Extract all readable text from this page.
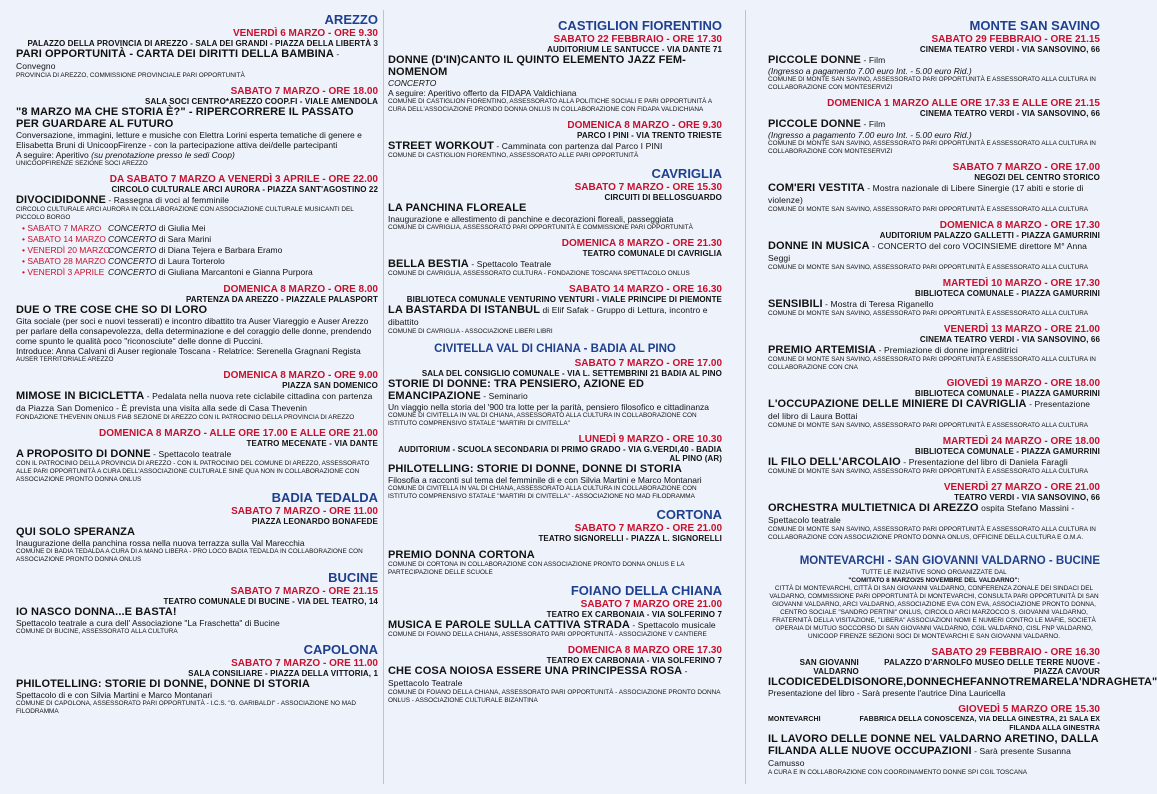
AREZZO
VENERDÌ 6 MARZO - ORE 9.30
PALAZZO DELLA PROVINCIA DI AREZZO - SALA DEI GRANDI - PIAZZA DELLA LIBERTÀ 3
PARI OPPORTUNITÀ - CARTA DEI DIRITTI DELLA BAMBINA - Convegno
PROVINCIA DI AREZZO, COMMISSIONE PROVINCIALE PARI OPPORTUNITÀ
SABATO 7 MARZO - ORE 18.00
SALA SOCI CENTRO*AREZZO COOP.FI - VIALE AMENDOLA
"8 MARZO MA CHE STORIA È?" - RIPERCORRERE IL PASSATO PER GUARDARE AL FUTURO
Conversazione, immagini, letture e musiche con Elettra Lorini esperta tematiche di genere e Elisabetta Bruni di UnicoopFirenze - con la partecipazione attiva dei/delle partecipanti
A seguire: Aperitivo (su prenotazione presso le sedi Coop)
UNICOOPFIRENZE SEZIONE SOCI AREZZO
DA SABATO 7 MARZO A VENERDÌ 3 APRILE - ORE 22.00
CIRCOLO CULTURALE ARCI AURORA - PIAZZA SANT'AGOSTINO 22
DIVOCIDIDONNE - Rassegna di voci al femminile
CIRCOLO CULTURALE ARCI AURORA IN COLLABORAZIONE CON ASSOCIAZIONE CULTURALE MUSICANTI DEL PICCOLO BORGO
• SABATO 7 MARZO CONCERTO di Giulia Mei
• SABATO 14 MARZO CONCERTO di Sara Marini
• VENERDÌ 20 MARZO
CONCERTO di Diana Tejera e Barbara Eramo
• SABATO 28 MARZO CONCERTO di Laura Torterolo
• VENERDÌ 3 APRILE CONCERTO di Giuliana Marcantoni e Gianna Purpora
DOMENICA 8 MARZO - ORE 8.00
PARTENZA DA AREZZO - PIAZZALE PALASPORT
DUE O TRE COSE CHE SO DI LORO
Gita sociale (per soci e nuovi tesserati) e incontro dibattito tra Auser Viareggio e Auser Arezzo per parlare della consapevolezza, della determinazione e del coraggio delle donne, prendendo come spunto le qualità poco "riconosciute" delle donne di Puccini.
Introduce: Anna Calvani di Auser regionale Toscana - Relatrice: Serenella Gragnani Regista
AUSER TERRITORIALE AREZZO
DOMENICA 8 MARZO - ORE 9.00
PIAZZA SAN DOMENICO
MIMOSE IN BICICLETTA - Pedalata nella nuova rete ciclabile cittadina con partenza da Piazza San Domenico - È prevista una visita alla sede di Casa Thevenin
FONDAZIONE THEVENIN ONLUS FIAB SEZIONE DI AREZZO CON IL PATROCINIO DELLA PROVINCIA DI AREZZO
DOMENICA 8 MARZO - ALLE ORE 17.00 E ALLE ORE 21.00
TEATRO MECENATE - VIA DANTE
A PROPOSITO DI DONNE - Spettacolo teatrale
CON IL PATROCINIO DELLA PROVINCIA DI AREZZO - CON IL PATROCINIO DEL COMUNE DI AREZZO, ASSESSORATO ALLE PARI OPPORTUNITÀ A CURA DELL'ASSOCIAZIONE CULTURALE SINE QUA NON IN COLLABORAZIONE CON ASSOCIAZIONE PRONTO DONNA ONLUS
BADIA TEDALDA
SABATO 7 MARZO - ORE 11.00
PIAZZA LEONARDO BONAFEDE
QUI SOLO SPERANZA
Inaugurazione della panchina rossa nella nuova terrazza sulla Val Marecchia
COMUNE DI BADIA TEDALDA A CURA DI A MANO LIBERA - PRO LOCO BADIA TEDALDA IN COLLABORAZIONE CON ASSOCIAZIONE PRONTO DONNA ONLUS
BUCINE
SABATO 7 MARZO - ORE 21.15
TEATRO COMUNALE DI BUCINE - VIA DEL TEATRO, 14
IO NASCO DONNA...E BASTA!
Spettacolo teatrale a cura dell' Associazione "La Fraschetta" di Bucine
COMUNE DI BUCINE, ASSESSORATO ALLA CULTURA
CAPOLONA
SABATO 7 MARZO - ORE 11.00
SALA CONSILIARE - PIAZZA DELLA VITTORIA, 1
PHILOTELLING: STORIE DI DONNE, DONNE DI STORIA
Spettacolo di e con Silvia Martini e Marco Montanari
COMUNE DI CAPOLONA, ASSESSORATO PARI OPPORTUNITÀ - I.C.S. "G. GARIBALDI" - ASSOCIAZIONE NO MAD FILODRAMMA
CASTIGLION FIORENTINO
SABATO 22 FEBBRAIO - ORE 17.30
AUDITORIUM LE SANTUCCE - VIA DANTE 71
DONNE (D'IN)CANTO IL QUINTO ELEMENTO JAZZ FEM-NOMENOM
CONCERTO
A seguire: Aperitivo offerto da FIDAPA Valdichiana
COMUNE DI CASTIGLION FIORENTINO, ASSESSORATO ALLA POLITICHE SOCIALI E PARI OPPORTUNITÀ A CURA DELL'ASSOCIAZIONE PRONDO DONNA ONLUS IN COLLABORAZIONE CON FIDAPA VALDICHIANA
DOMENICA 8 MARZO - ORE 9.30
PARCO I PINI - VIA TRENTO TRIESTE
STREET WORKOUT - Camminata con partenza dal Parco I PINI
COMUNE DI CASTIGLION FIORENTINO, ASSESSORATO ALLE PARI OPPORTUNITÀ
CAVRIGLIA
SABATO 7 MARZO - ORE 15.30
CIRCUITI DI BELLOSGUARDO
LA PANCHINA FLOREALE
Inaugurazione e allestimento di panchine e decorazioni floreali, passeggiata
COMUNE DI CAVRIGLIA, ASSESSORATO PARI OPPORTUNITÀ E COMMISSIONE PARI OPPORTUNITÀ
DOMENICA 8 MARZO - ORE 21.30
TEATRO COMUNALE DI CAVRIGLIA
BELLA BESTIA - Spettacolo Teatrale
COMUNE DI CAVRIGLIA, ASSESSORATO CULTURA - FONDAZIONE TOSCANA SPETTACOLO ONLUS
SABATO 14 MARZO - ORE 16.30
BIBLIOTECA COMUNALE VENTURINO VENTURI - VIALE PRINCIPE DI PIEMONTE
LA BASTARDA DI ISTANBUL di Elif Safak - Gruppo di Lettura, incontro e dibattito
COMUNE DI CAVRIGLIA - ASSOCIAZIONE LIBERI LIBRI
CIVITELLA VAL DI CHIANA - BADIA AL PINO
SABATO 7 MARZO - ORE 17.00
SALA DEL CONSIGLIO COMUNALE - VIA L. SETTEMBRINI 21 BADIA AL PINO
STORIE DI DONNE: TRA PENSIERO, AZIONE ED EMANCIPAZIONE - Seminario
Un viaggio nella storia del '900 tra lotte per la parità, pensiero filosofico e cittadinanza
COMUNE DI CIVITELLA IN VAL DI CHIANA, ASSESSORATO ALLA CULTURA IN COLLABORAZIONE CON ISTITUTO COMPRENSIVO STATALE "MARTIRI DI CIVITELLA"
LUNEDÌ 9 MARZO - ORE 10.30
AUDITORIUM - SCUOLA SECONDARIA DI PRIMO GRADO - VIA G.VERDI,40 - BADIA AL PINO (AR)
PHILOTELLING: STORIE DI DONNE, DONNE DI STORIA
Filosofia a racconti sul tema del femminile di e con Silvia Martini e Marco Montanari
COMUNE DI CIVITELLA IN VAL DI CHIANA, ASSESSORATO ALLA CULTURA IN COLLABORAZIONE CON ISTITUTO COMPRENSIVO STATALE "MARTIRI DI CIVITELLA" - ASSOCIAZIONE NO MAD FILODRAMMA
CORTONA
SABATO 7 MARZO - ORE 21.00
TEATRO SIGNORELLI - PIAZZA L. SIGNORELLI
PREMIO DONNA CORTONA
COMUNE DI CORTONA IN COLLABORAZIONE CON ASSOCIAZIONE PRONTO DONNA ONLUS E LA PARTECIPAZIONE DELLE SCUOLE
FOIANO DELLA CHIANA
SABATO 7 MARZO ORE 21.00
TEATRO EX CARBONAIA - VIA SOLFERINO 7
MUSICA E PAROLE SULLA CATTIVA STRADA - Spettacolo musicale
COMUNE DI FOIANO DELLA CHIANA, ASSESSORATO PARI OPPORTUNITÀ - ASSOCIAZIONE V CANTIERE
DOMENICA 8 MARZO ORE 17.30
TEATRO EX CARBONAIA - VIA SOLFERINO 7
CHE COSA NOIOSA ESSERE UNA PRINCIPESSA ROSA - Spettacolo Teatrale
COMUNE DI FOIANO DELLA CHIANA, ASSESSORATO PARI OPPORTUNITÀ - ASSOCIAZIONE PRONTO DONNA ONLUS - ASSOCIAZIONE CULTURALE BIZANTINA
MONTE SAN SAVINO
SABATO 29 FEBBRAIO - ORE 21.15
CINEMA TEATRO VERDI - VIA SANSOVINO, 66
PICCOLE DONNE - Film
(Ingresso a pagamento 7.00 euro Int. - 5.00 euro Rid.)
COMUNE DI MONTE SAN SAVINO, ASSESSORATO PARI OPPORTUNITÀ E ASSESSORATO ALLA CULTURA IN COLLABORAZIONE CON MONTESERVIZI
DOMENICA 1 MARZO ALLE ORE 17.33 E ALLE ORE 21.15
CINEMA TEATRO VERDI - VIA SANSOVINO, 66
PICCOLE DONNE - Film
(Ingresso a pagamento 7.00 euro Int. - 5.00 euro Rid.)
COMUNE DI MONTE SAN SAVINO, ASSESSORATO PARI OPPORTUNITÀ E ASSESSORATO ALLA CULTURA IN COLLABORAZIONE CON MONTESERVIZI
SABATO 7 MARZO - ORE 17.00
NEGOZI DEL CENTRO STORICO
COM'ERI VESTITA - Mostra nazionale di Libere Sinergie (17 abiti e storie di violenze)
COMUNE DI MONTE SAN SAVINO, ASSESSORATO PARI OPPORTUNITÀ E ASSESSORATO ALLA CULTURA
DOMENICA 8 MARZO - ORE 17.30
AUDITORIUM PALAZZO GALLETTI - PIAZZA GAMURRINI
DONNE IN MUSICA - CONCERTO del coro VOCINSIEME direttore M° Anna Seggi
COMUNE DI MONTE SAN SAVINO, ASSESSORATO PARI OPPORTUNITÀ E ASSESSORATO ALLA CULTURA
MARTEDÌ 10 MARZO - ORE 17.30
BIBLIOTECA COMUNALE - PIAZZA GAMURRINI
SENSIBILI - Mostra di Teresa Riganello
COMUNE DI MONTE SAN SAVINO, ASSESSORATO PARI OPPORTUNITÀ E ASSESSORATO ALLA CULTURA
VENERDÌ 13 MARZO - ORE 21.00
CINEMA TEATRO VERDI - VIA SANSOVINO, 66
PREMIO ARTEMISIA - Premiazione di donne imprenditrici
COMUNE DI MONTE SAN SAVINO, ASSESSORATO PARI OPPORTUNITÀ E ASSESSORATO ALLA CULTURA IN COLLABORAZIONE CON CNA
GIOVEDÌ 19 MARZO - ORE 18.00
BIBLIOTECA COMUNALE - PIAZZA GAMURRINI
L'OCCUPAZIONE DELLE MINIERE DI CAVRIGLIA - Presentazione del libro di Laura Bottai
COMUNE DI MONTE SAN SAVINO, ASSESSORATO PARI OPPORTUNITÀ E ASSESSORATO ALLA CULTURA
MARTEDÌ 24 MARZO - ORE 18.00
BIBLIOTECA COMUNALE - PIAZZA GAMURRINI
IL FILO DELL'ARCOLAIO - Presentazione del libro di Daniela Faragli
COMUNE DI MONTE SAN SAVINO, ASSESSORATO PARI OPPORTUNITÀ E ASSESSORATO ALLA CULTURA
VENERDÌ 27 MARZO - ORE 21.00
TEATRO VERDI - VIA SANSOVINO, 66
ORCHESTRA MULTIETNICA DI AREZZO ospita Stefano Massini - Spettacolo teatrale
COMUNE DI MONTE SAN SAVINO, ASSESSORATO PARI OPPORTUNITÀ E ASSESSORATO ALLA CULTURA IN COLLABORAZIONE CON ASSOCIAZIONE PRONTO DONNA ONLUS, OFFICINE DELLA CULTURA E O.M.A.
MONTEVARCHI - SAN GIOVANNI VALDARNO - BUCINE
TUTTE LE INIZIATIVE SONO ORGANIZZATE DAL
"COMITATO 8 MARZO/25 NOVEMBRE DEL VALDARNO":
CITTÀ DI MONTEVARCHI, CITTÀ DI SAN GIOVANNI VALDARNO, CONFERENZA ZONALE DEI SINDACI DEL VALDARNO, COMMISSIONE PARI OPPORTUNITÀ DI MONTEVARCHI, CONSULTA PARI OPPORTUNITÀ DI SAN GIOVANNI VALDARNO, ARCI VALDARNO, ASSOCIAZIONE EVA CON EVA, ASSOCIAZIONE PRONTO DONNA, CENTRO SOCIALE "SANDRO PERTINI" ONLUS, CIRCOLO ARCI MARZOCCO S. GIOVANNI VALDARNO, FRATERNITÀ DELLA VISITAZIONE, "LIBERA" ASSOCIAZIONI NOMI E NUMERI CONTRO LE MAFIE, SOCIETÀ OPERAIA DI MUTUO SOCCORSO DI SAN GIOVANNI VALDARNO, CGIL VALDARNO, CISL FNP VALDARNO, UNICOOP FIRENZE SEZIONI SOCI DI MONTEVARCHI E SAN GIOVANNI VALDARNO.
SABATO 29 FEBBRAIO - ORE 16.30
SAN GIOVANNI VALDARNO
PALAZZO D'ARNOLFO MUSEO DELLE TERRE NUOVE - PIAZZA CAVOUR
ILCODICEDELDISONORE,DONNECHEFANNOTREMARELA'NDRAGHETA"
Presentazione del libro - Sarà presente l'autrice Dina Lauricella
GIOVEDÌ 5 MARZO ORE 15.30
MONTEVARCHI	FABBRICA DELLA CONOSCENZA, VIA DELLA GINESTRA, 21 SALA EX FILANDA ALLA GINESTRA
IL LAVORO DELLE DONNE NEL VALDARNO ARETINO, DALLA FILANDA ALLE NUOVE OCCUPAZIONI - Sarà presente Susanna Camusso
A CURA E IN COLLABORAZIONE CON COORDINAMENTO DONNE SPI CGIL TOSCANA
